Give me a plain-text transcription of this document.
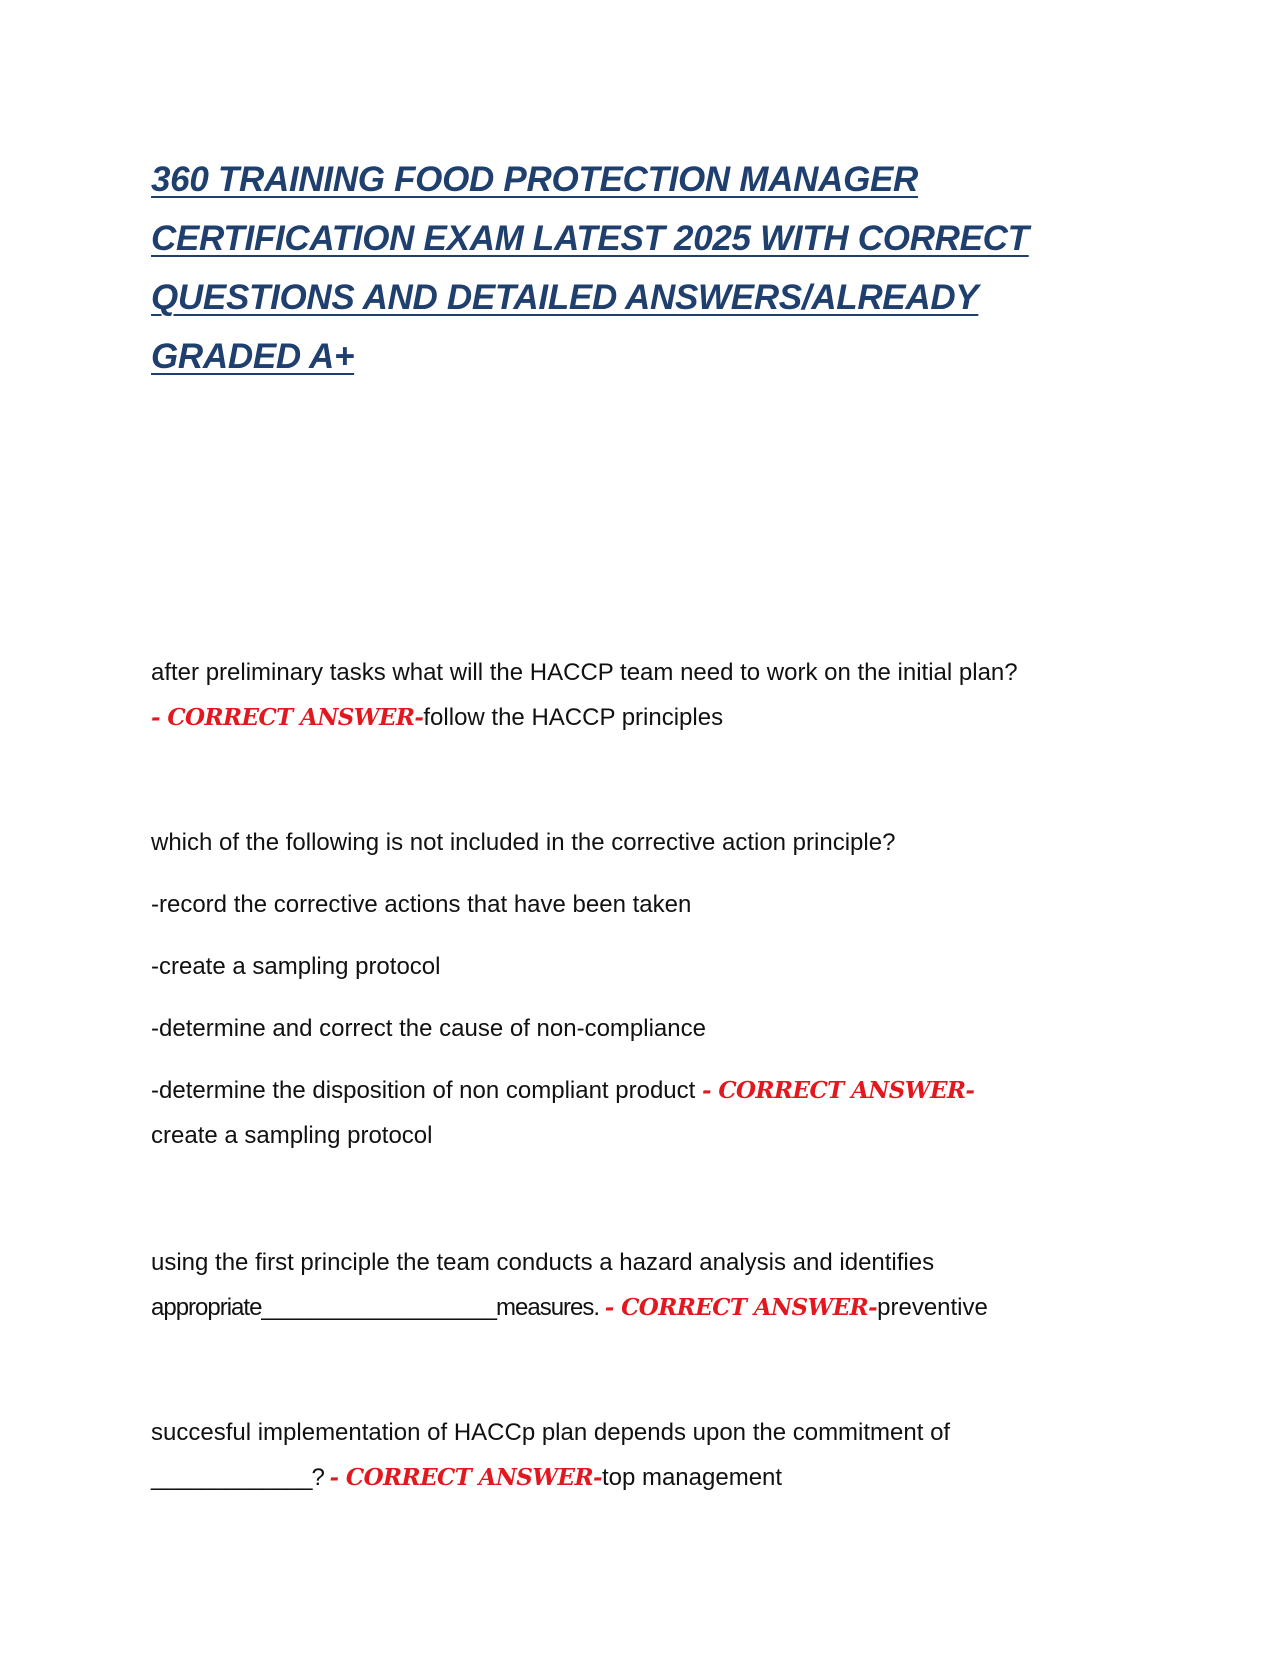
360 TRAINING FOOD PROTECTION MANAGER
CERTIFICATION EXAM LATEST 2025 WITH CORRECT
QUESTIONS AND DETAILED ANSWERS/ALREADY
GRADED A+
after preliminary tasks what will the HACCP team need to work on the initial plan?
- CORRECT ANSWER-follow the HACCP principles
which of the following is not included in the corrective action principle?
-record the corrective actions that have been taken
-create a sampling protocol
-determine and correct the cause of non-compliance
-determine the disposition of non compliant product - CORRECT ANSWER-
create a sampling protocol
using the first principle the team conducts a hazard analysis and identifies
appropriate___________________measures. - CORRECT ANSWER-preventive
succesful implementation of HACCp plan depends upon the commitment of
_____________? - CORRECT ANSWER-top management
